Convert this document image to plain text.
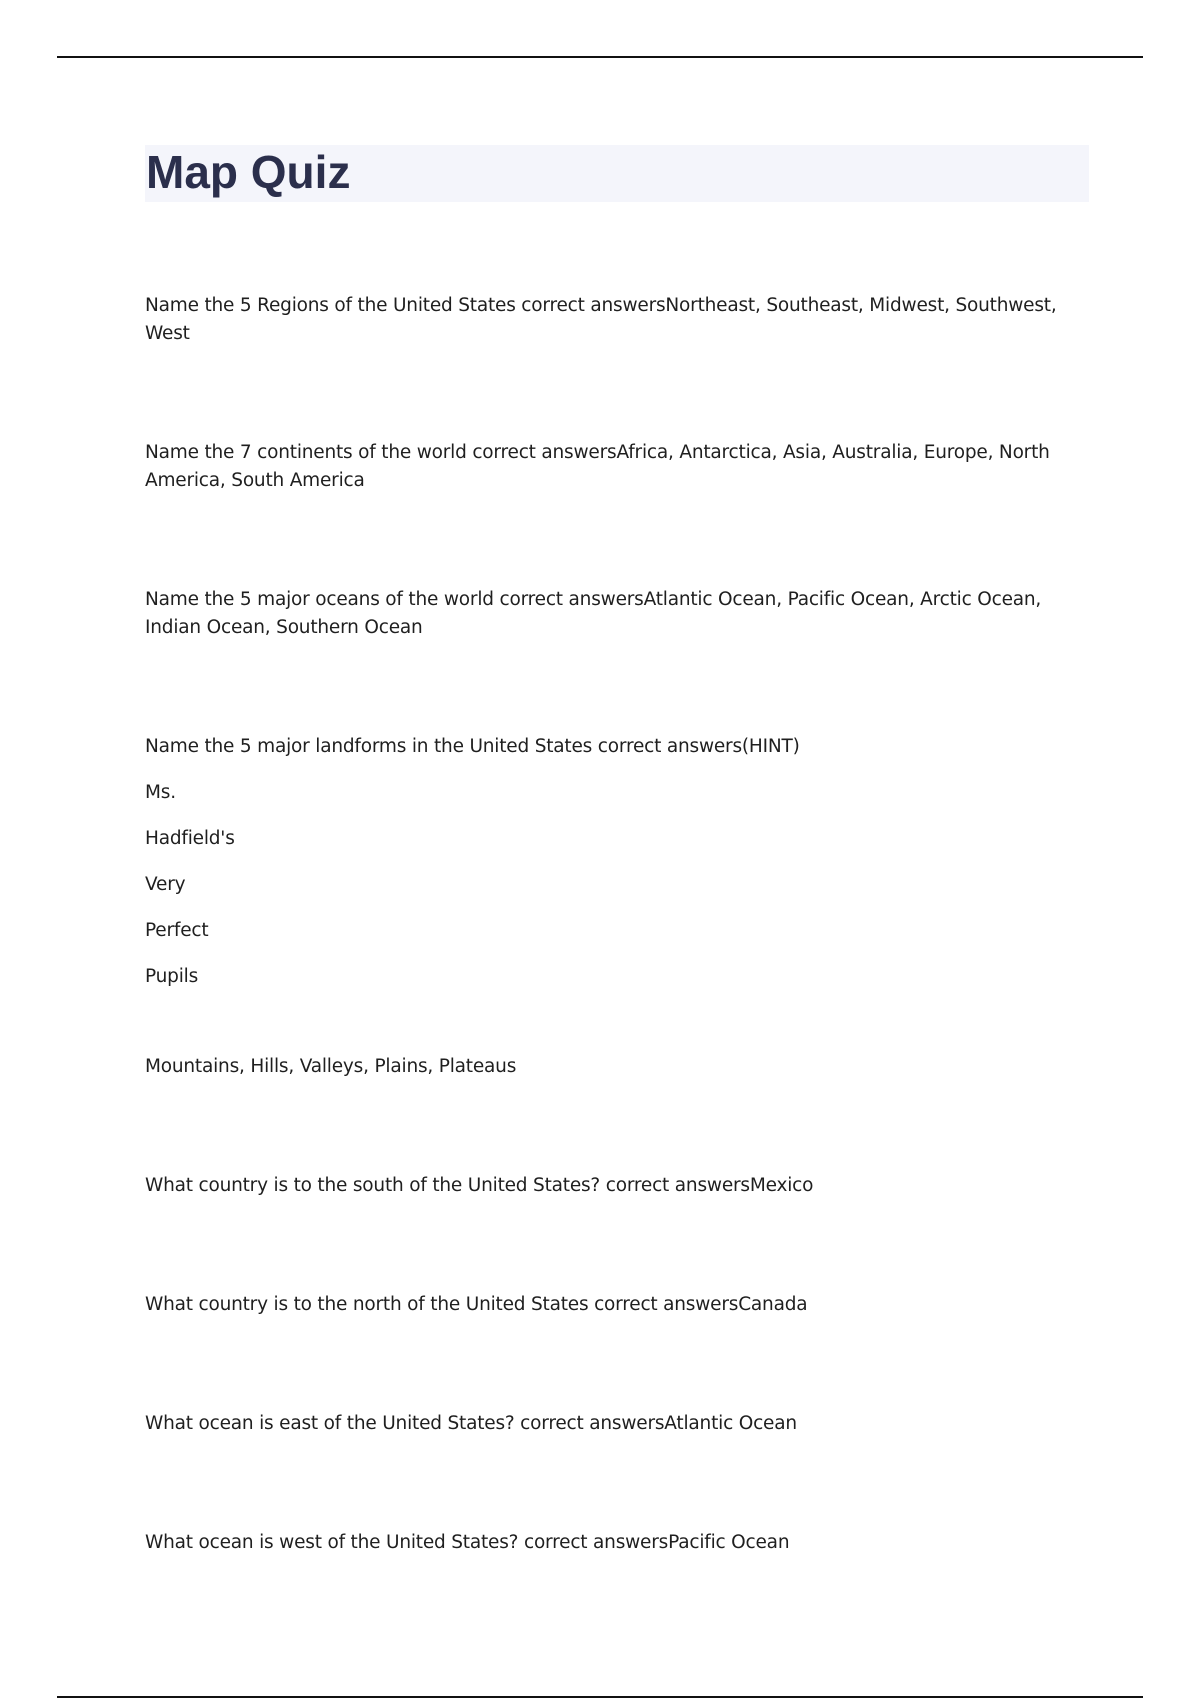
Map Quiz

Name the 5 Regions of the United States correct answersNortheast, Southeast, Midwest, Southwest, West

Name the 7 continents of the world correct answersAfrica, Antarctica, Asia, Australia, Europe, North America, South America

Name the 5 major oceans of the world correct answersAtlantic Ocean, Pacific Ocean, Arctic Ocean, Indian Ocean, Southern Ocean

Name the 5 major landforms in the United States correct answers(HINT)

Ms.

Hadfield's

Very

Perfect

Pupils

Mountains, Hills, Valleys, Plains, Plateaus

What country is to the south of the United States? correct answersMexico

What country is to the north of the United States correct answersCanada

What ocean is east of the United States? correct answersAtlantic Ocean

What ocean is west of the United States? correct answersPacific Ocean
